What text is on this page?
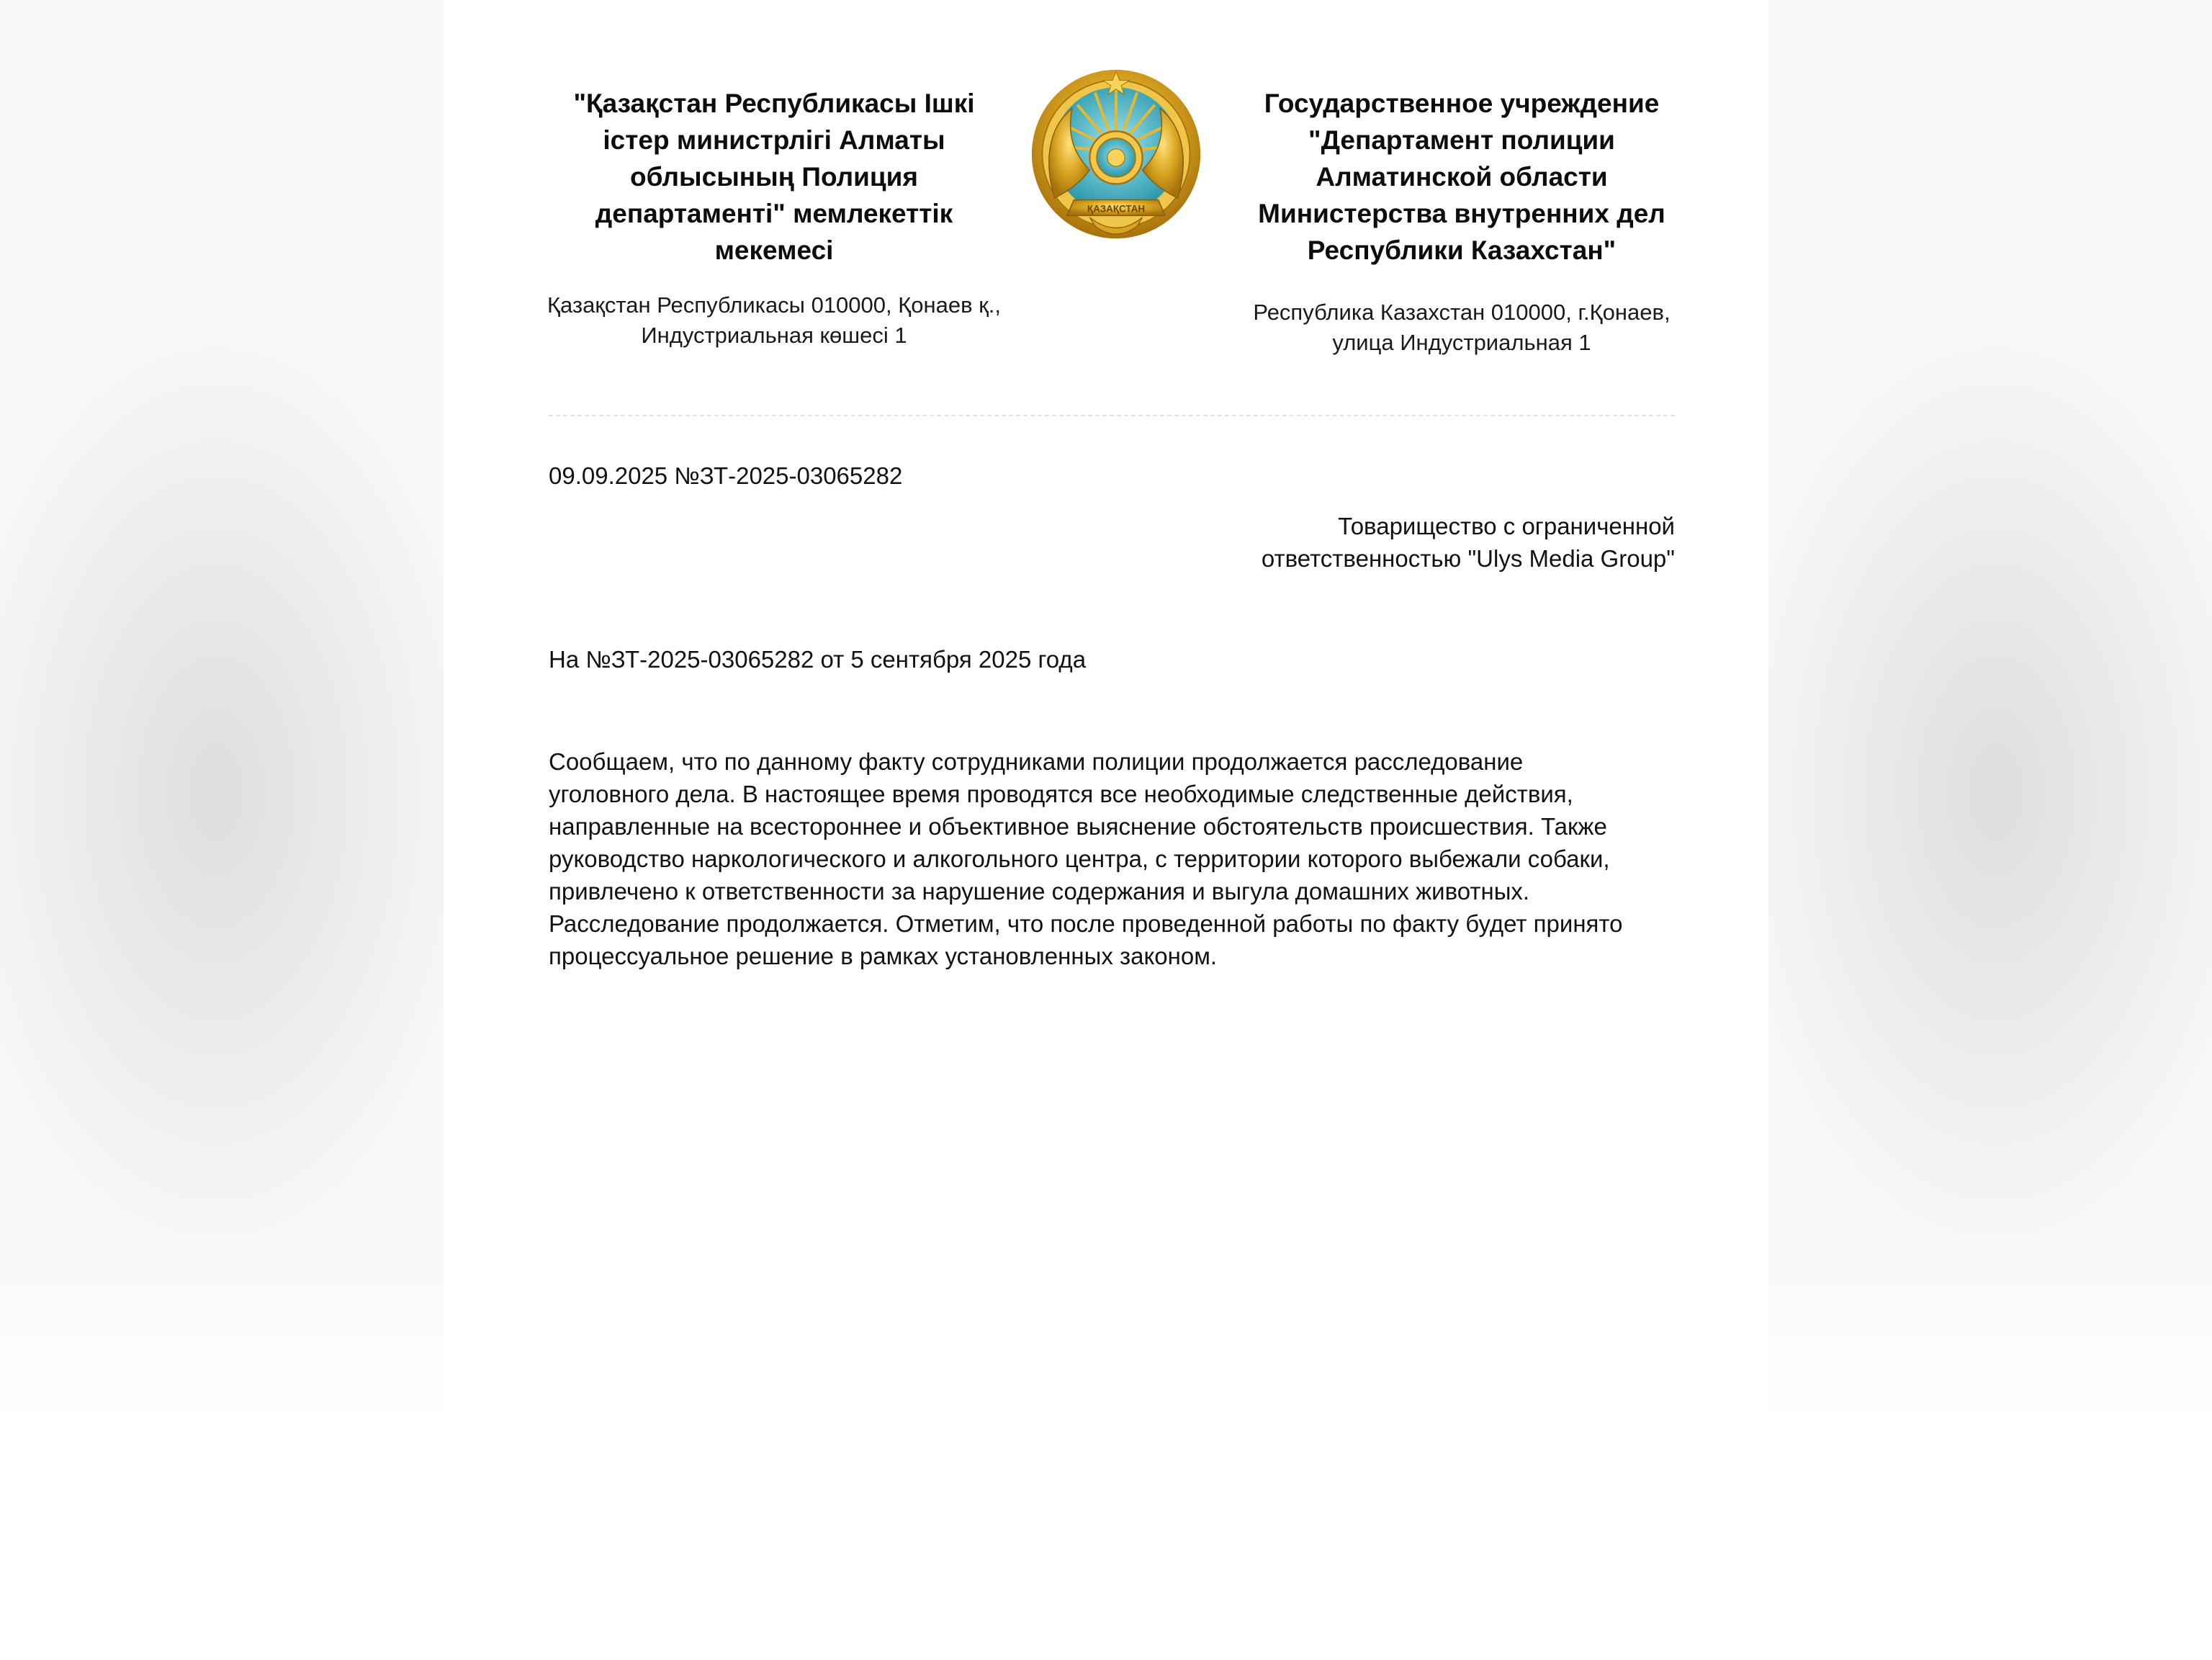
"Қазақстан Республикасы Ішкі
істер министрлігі Алматы
облысының Полиция
департаменті" мемлекеттік
мекемесі
Қазақстан Республикасы 010000, Қонаев қ.,
Индустриальная көшесі 1
ҚАЗАҚСТАН
Государственное учреждение
"Департамент полиции
Алматинской области
Министерства внутренних дел
Республики Казахстан"
Республика Казахстан 010000, г.Қонаев,
улица Индустриальная 1
09.09.2025 №ЗТ-2025-03065282
Товарищество с ограниченной
ответственностью "Ulys Media Group"
На №ЗТ-2025-03065282 от 5 сентября 2025 года
Сообщаем, что по данному факту сотрудниками полиции продолжается расследование
уголовного дела. В настоящее время проводятся все необходимые следственные действия,
направленные на всестороннее и объективное выяснение обстоятельств происшествия. Также
руководство наркологического и алкогольного центра, с территории которого выбежали собаки,
привлечено к ответственности за нарушение содержания и выгула домашних животных.
Расследование продолжается. Отметим, что после проведенной работы по факту будет принято
процессуальное решение в рамках установленных законом.
